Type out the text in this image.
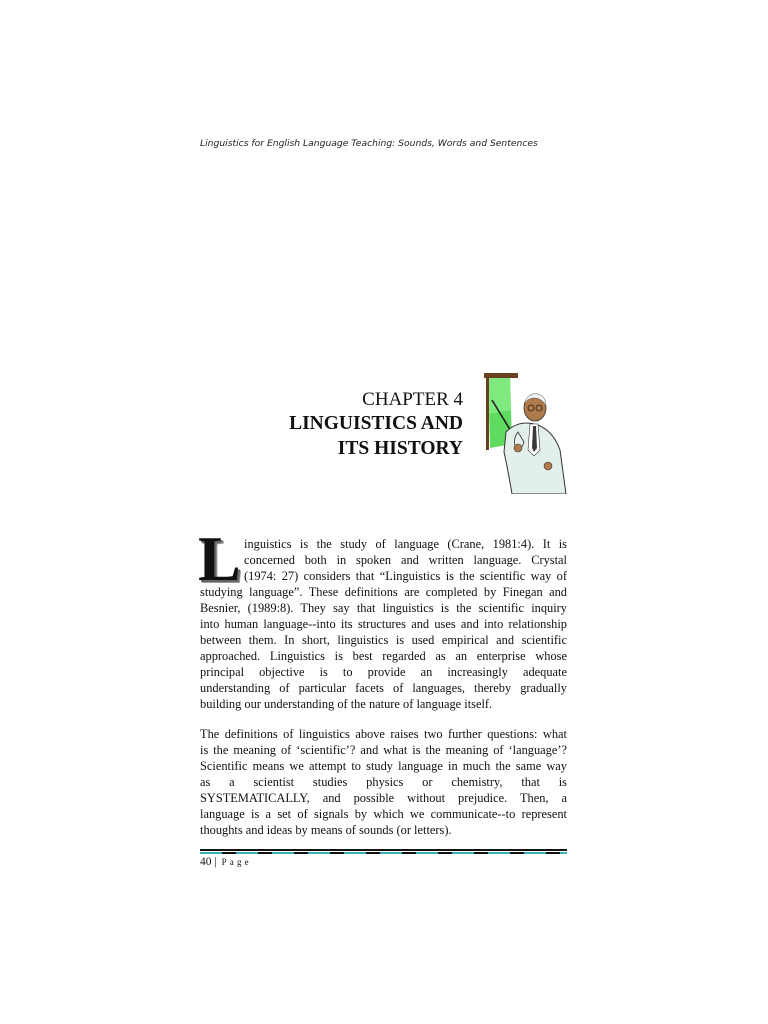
Linguistics for English Language Teaching: Sounds, Words and Sentences
CHAPTER 4
LINGUISTICS AND
ITS HISTORY
L inguistics is the study of language (Crane, 1981:4). It is
concerned both in spoken and written language. Crystal
(1974: 27) considers that “Linguistics is the scientific way of
studying language”. These definitions are completed by Finegan and
Besnier, (1989:8). They say that linguistics is the scientific inquiry
into human language--into its structures and uses and into relationship
between them. In short, linguistics is used empirical and scientific
approached. Linguistics is best regarded as an enterprise whose
principal objective is to provide an increasingly adequate
understanding of particular facets of languages, thereby gradually
building our understanding of the nature of language itself.
The definitions of linguistics above raises two further questions: what
is the meaning of ‘scientific’? and what is the meaning of ‘language’?
Scientific means we attempt to study language in much the same way
as a scientist studies physics or chemistry, that is
SYSTEMATICALLY, and possible without prejudice. Then, a
language is a set of signals by which we communicate--to represent
thoughts and ideas by means of sounds (or letters).
40 | Page
